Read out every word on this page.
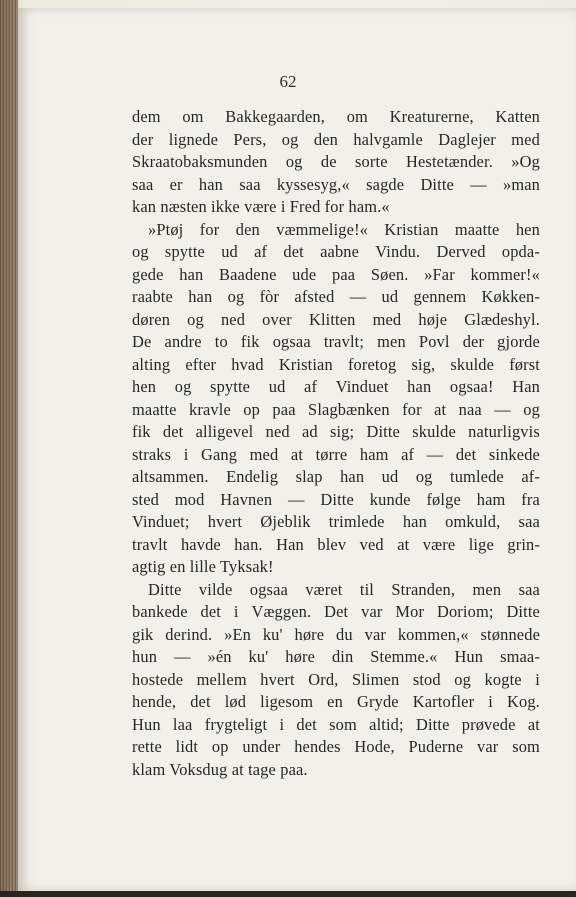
62
dem om Bakkegaarden, om Kreaturerne, Katten
der lignede Pers, og den halvgamle Daglejer med
Skraatobaksmunden og de sorte Hestetænder. »Og
saa er han saa kyssesyg,« sagde Ditte — »man
kan næsten ikke være i Fred for ham.«
»Ptøj for den væmmelige!« Kristian maatte hen
og spytte ud af det aabne Vindu. Derved opda-
gede han Baadene ude paa Søen. »Far kommer!«
raabte han og fòr afsted — ud gennem Køkken-
døren og ned over Klitten med høje Glædeshyl.
De andre to fik ogsaa travlt; men Povl der gjorde
alting efter hvad Kristian foretog sig, skulde først
hen og spytte ud af Vinduet han ogsaa! Han
maatte kravle op paa Slagbænken for at naa — og
fik det alligevel ned ad sig; Ditte skulde naturligvis
straks i Gang med at tørre ham af — det sinkede
altsammen. Endelig slap han ud og tumlede af-
sted mod Havnen — Ditte kunde følge ham fra
Vinduet; hvert Øjeblik trimlede han omkuld, saa
travlt havde han. Han blev ved at være lige grin-
agtig en lille Tyksak!
Ditte vilde ogsaa været til Stranden, men saa
bankede det i Væggen. Det var Mor Doriom; Ditte
gik derind. »En ku' høre du var kommen,« stønnede
hun — »én ku' høre din Stemme.« Hun smaa-
hostede mellem hvert Ord, Slimen stod og kogte i
hende, det lød ligesom en Gryde Kartofler i Kog.
Hun laa frygteligt i det som altid; Ditte prøvede at
rette lidt op under hendes Hode, Puderne var som
klam Voksdug at tage paa.
